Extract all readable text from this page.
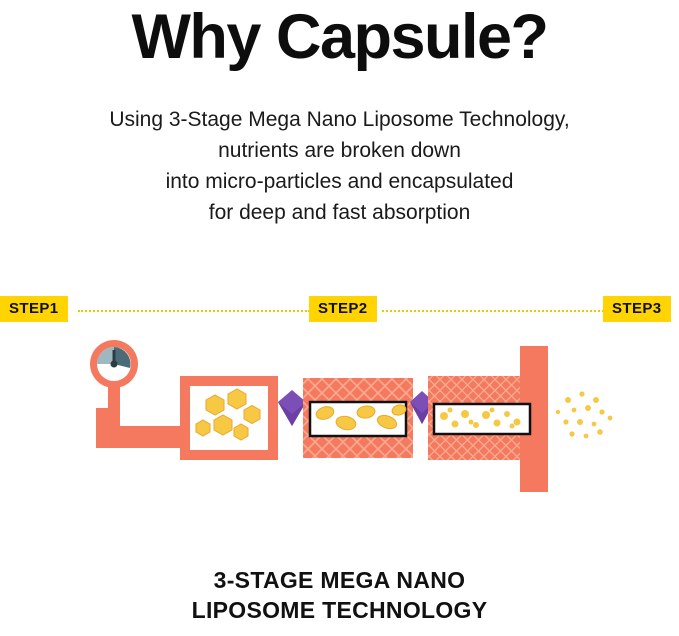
Why Capsule?
Using 3-Stage Mega Nano Liposome Technology,
nutrients are broken down
into micro-particles and encapsulated
for deep and fast absorption
STEP1	STEP2	STEP3
3-STAGE MEGA NANO
LIPOSOME TECHNOLOGY
